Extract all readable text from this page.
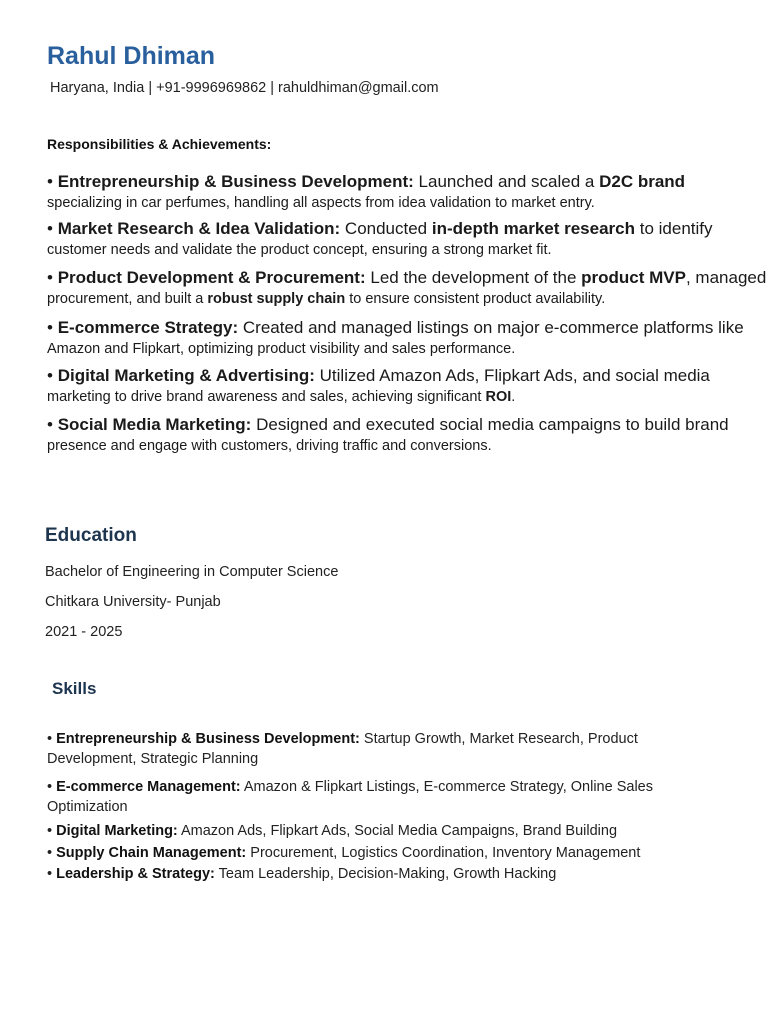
Rahul Dhiman
Haryana, India | +91-9996969862 | rahuldhiman@gmail.com
Responsibilities & Achievements:
• Entrepreneurship & Business Development: Launched and scaled a D2C brand
specializing in car perfumes, handling all aspects from idea validation to market entry.
• Market Research & Idea Validation: Conducted in-depth market research to identify
customer needs and validate the product concept, ensuring a strong market fit.
• Product Development & Procurement: Led the development of the product MVP, managed
procurement, and built a robust supply chain to ensure consistent product availability.
• E-commerce Strategy: Created and managed listings on major e-commerce platforms like
Amazon and Flipkart, optimizing product visibility and sales performance.
• Digital Marketing & Advertising: Utilized Amazon Ads, Flipkart Ads, and social media
marketing to drive brand awareness and sales, achieving significant ROI.
• Social Media Marketing: Designed and executed social media campaigns to build brand
presence and engage with customers, driving traffic and conversions.
Education
Bachelor of Engineering in Computer Science
Chitkara University- Punjab
2021 - 2025
Skills
• Entrepreneurship & Business Development: Startup Growth, Market Research, Product Development, Strategic Planning
• E-commerce Management: Amazon & Flipkart Listings, E-commerce Strategy, Online Sales Optimization
• Digital Marketing: Amazon Ads, Flipkart Ads, Social Media Campaigns, Brand Building
• Supply Chain Management: Procurement, Logistics Coordination, Inventory Management
• Leadership & Strategy: Team Leadership, Decision-Making, Growth Hacking
